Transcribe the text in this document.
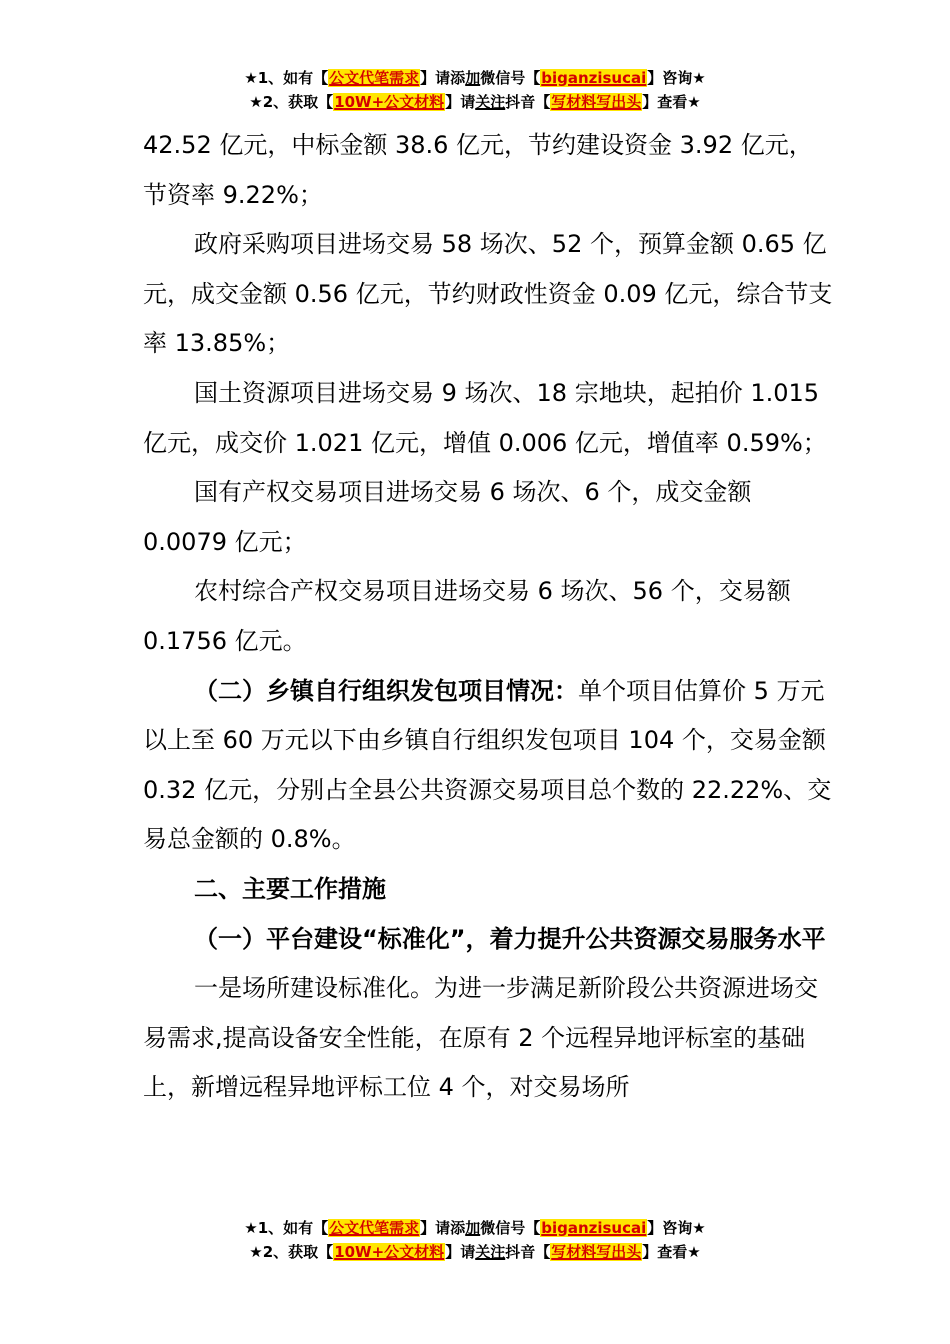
★1、如有【公文代笔需求】请添加微信号【biganzisucai】咨询★
★2、获取【10W+公文材料】请关注抖音【写材料写出头】查看★

42.52 亿元，中标金额 38.6 亿元，节约建设资金 3.92 亿元，节资率 9.22%；

政府采购项目进场交易 58 场次、52 个，预算金额 0.65 亿元，成交金额 0.56 亿元，节约财政性资金 0.09 亿元，综合节支率 13.85%；

国土资源项目进场交易 9 场次、18 宗地块，起拍价 1.015 亿元，成交价 1.021 亿元，增值 0.006 亿元，增值率 0.59%；

国有产权交易项目进场交易 6 场次、6 个，成交金额 0.0079 亿元；

农村综合产权交易项目进场交易 6 场次、56 个，交易额 0.1756 亿元。

（二）乡镇自行组织发包项目情况：单个项目估算价 5 万元以上至 60 万元以下由乡镇自行组织发包项目 104 个，交易金额 0.32 亿元，分别占全县公共资源交易项目总个数的 22.22%、交易总金额的 0.8%。

二、主要工作措施

（一）平台建设“标准化”，着力提升公共资源交易服务水平

一是场所建设标准化。为进一步满足新阶段公共资源进场交易需求,提高设备安全性能，在原有 2 个远程异地评标室的基础上，新增远程异地评标工位 4 个，对交易场所

★1、如有【公文代笔需求】请添加微信号【biganzisucai】咨询★
★2、获取【10W+公文材料】请关注抖音【写材料写出头】查看★
